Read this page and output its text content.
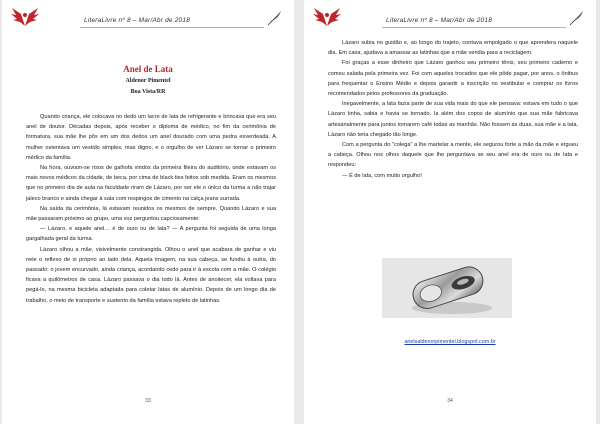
LiteraLivre nº 8 – Mar/Abr de 2018
Anel de Lata
Aldenor Pimentel
Boa Vista/RR

Quando criança, ele colocava no dedo um lacre de lata de refrigerante e brincava que era seu anel de doutor. Décadas depois, após receber o diploma de médico, no fim da cerimônia de formatura, sua mãe lhe pôs em um dos dedos um anel dourado com uma pedra esverdeada. A mulher ostentava um vestido simples, mas digno, e o orgulho de ver Lázaro se tornar o primeiro médico da família.

Na hora, ouviam-se risos de galhofa vindos da primeira fileira do auditório, onde estavam os mais novos médicos da cidade, de beca, por cima de black ties feitos sob medida. Eram os mesmos que no primeiro dia de aula na faculdade riram de Lázaro, por ser ele o único da turma a não trajar jaleco branco e ainda chegar à sala com respingos de cimento na calça jeans surrada.

Na saída da cerimônia, lá estavam reunidos os mesmos de sempre. Quando Lázaro e sua mãe passaram próximo ao grupo, uma voz perguntou capciosamente:

— Lázaro, e aquele anel… é de ouro ou de lata? — A pergunta foi seguida de uma longa gargalhada geral da turma.

Lázaro olhou a mãe, visivelmente constrangida. Olhou o anel que acabara de ganhar e viu nele o reflexo de si próprio ao lado dela. Aquela imagem, na sua cabeça, se fundiu à outra, do passado: o jovem encurvado, ainda criança, acordando cedo para ir à escola com a mãe. O colégio ficava a quilômetros de casa. Lázaro passava o dia todo lá. Antes de anoitecer, ela voltava para pegá-lo, na mesma bicicleta adaptada para coletar latas de alumínio. Depois de um longo dia de trabalho, o meio de transporte e sustento da família estava repleto de latinhas.

33
LiteraLivre nº 8 – Mar/Abr de 2018

Lázaro subia no guidão e, ao longo do trajeto, contava empolgado o que aprendera naquele dia. Em casa, ajudava a amassar as latinhas que a mãe vendia para a reciclagem.

Foi graças a esse dinheiro que Lázaro ganhou seu primeiro tênis, seu primeiro caderno e comeu salada pela primeira vez. Foi com aqueles trocados que ele pôde pagar, por anos, o ônibus para frequentar o Ensino Médio e depois garantir a inscrição no vestibular e comprar os livros recomendados pelos professores da graduação.

Inegavelmente, a lata fazia parte de sua vida mais do que ele pensava: estava em tudo o que Lázaro tinha, sabia e havia se tornado. Ia além dos copos de alumínio que sua mãe fabricava artesanalmente para juntos tomarem café todas as manhãs. Não fossem as duas, sua mãe e a lata, Lázaro não teria chegado tão longe.

Com a pergunta do "colega" a lhe martelar a mente, ele segurou forte a mão da mãe e ergueu a cabeça. Olhou nos olhos daquele que lhe perguntava se seu anel era de ouro ou de lata e respondeu:

— É de lata, com muito orgulho!

anelsaldenorpimentel.blogspot.com.br
34
